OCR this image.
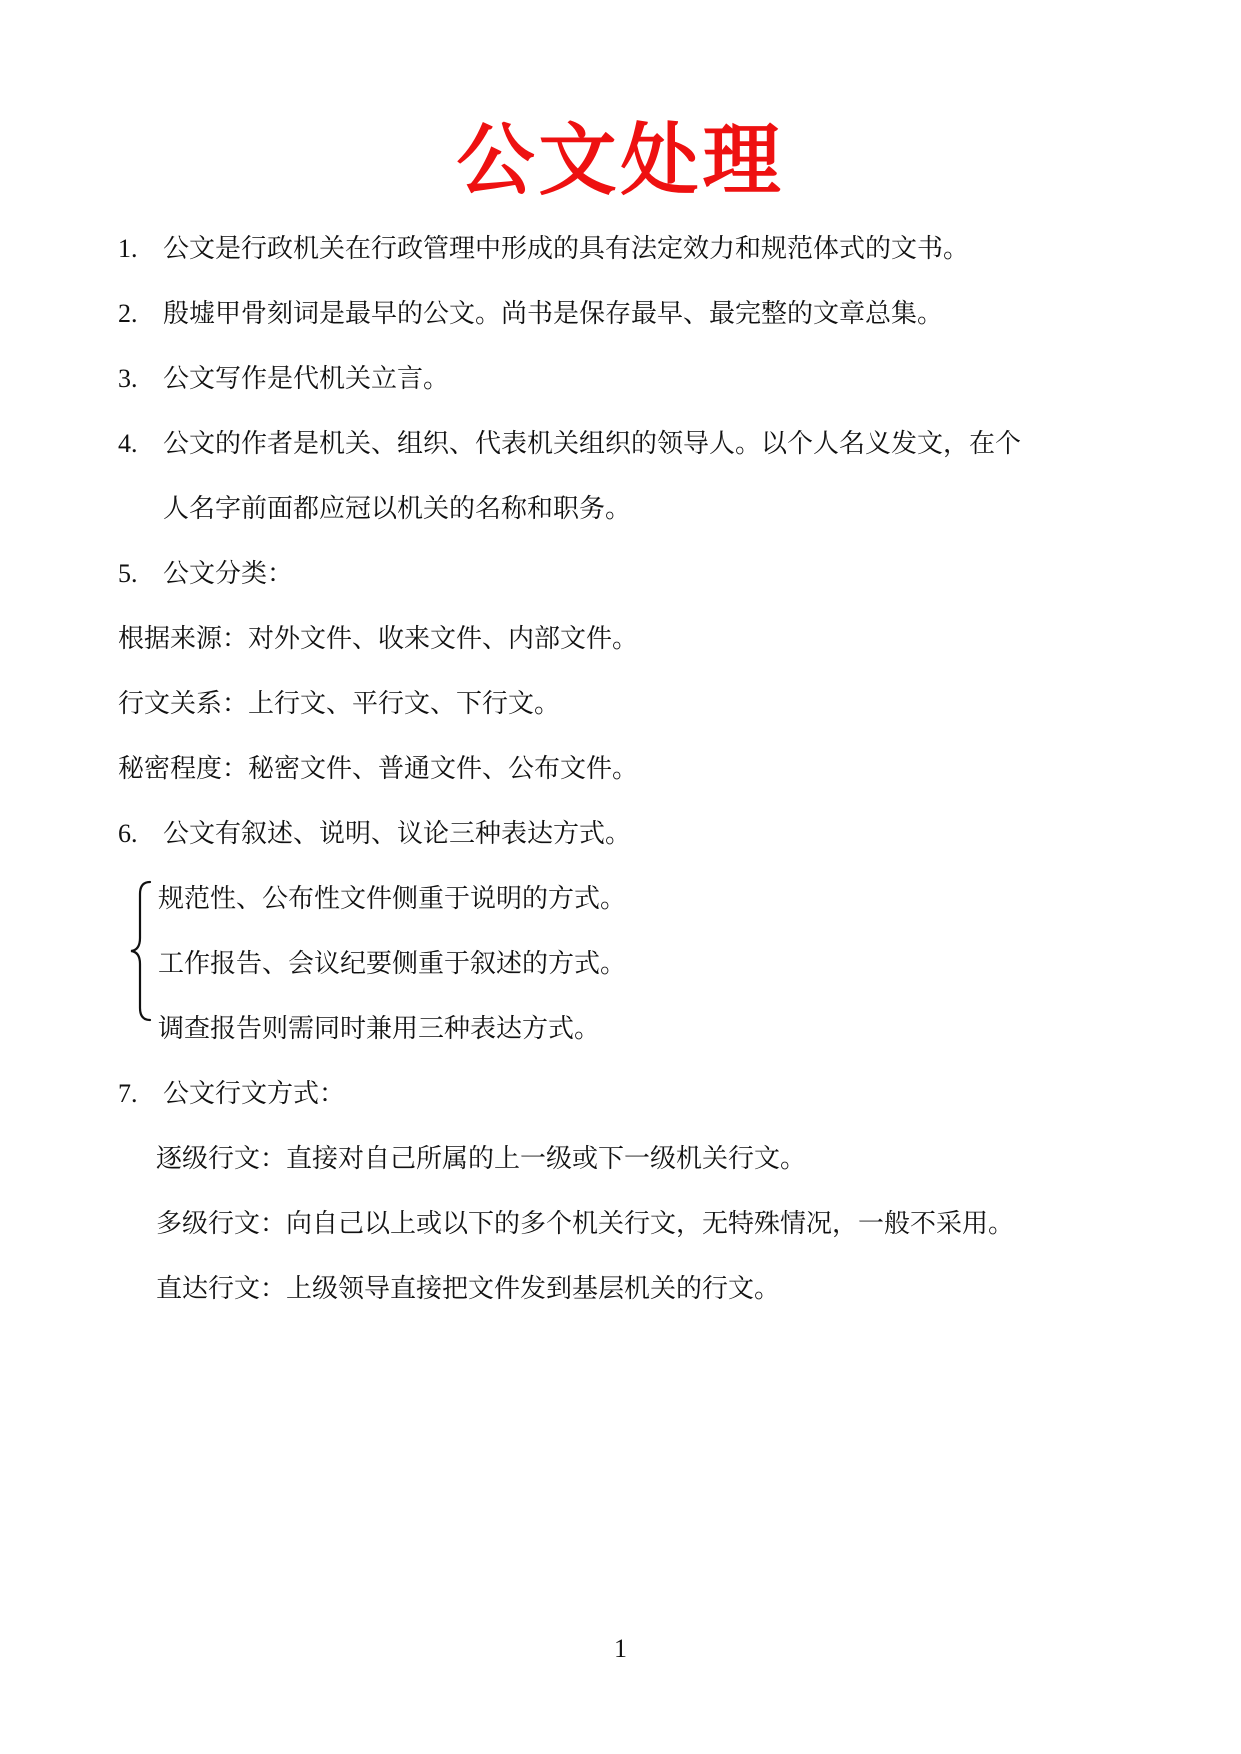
公文处理
1. 公文是行政机关在行政管理中形成的具有法定效力和规范体式的文书。
2. 殷墟甲骨刻词是最早的公文。尚书是保存最早、最完整的文章总集。
3. 公文写作是代机关立言。
4. 公文的作者是机关、组织、代表机关组织的领导人。以个人名义发文，在个
人名字前面都应冠以机关的名称和职务。
5. 公文分类：
根据来源：对外文件、收来文件、内部文件。
行文关系：上行文、平行文、下行文。
秘密程度：秘密文件、普通文件、公布文件。
6. 公文有叙述、说明、议论三种表达方式。
规范性、公布性文件侧重于说明的方式。
工作报告、会议纪要侧重于叙述的方式。
调查报告则需同时兼用三种表达方式。
7. 公文行文方式：
逐级行文：直接对自己所属的上一级或下一级机关行文。
多级行文：向自己以上或以下的多个机关行文，无特殊情况，一般不采用。
直达行文：上级领导直接把文件发到基层机关的行文。
1
